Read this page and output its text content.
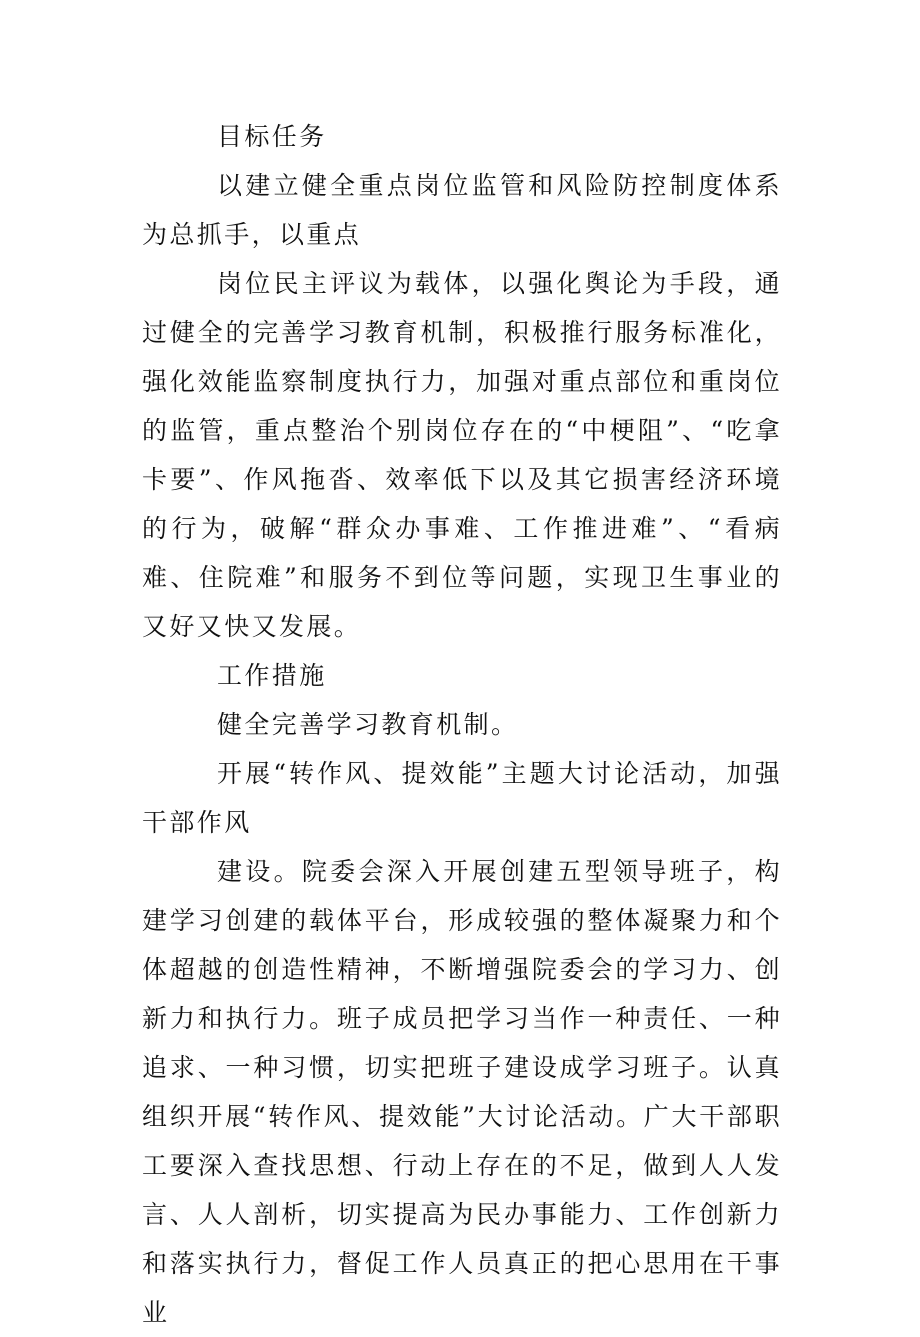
目标任务

以建立健全重点岗位监管和风险防控制度体系为总抓手，以重点

岗位民主评议为载体，以强化舆论为手段，通过健全的完善学习教育机制，积极推行服务标准化，强化效能监察制度执行力，加强对重点部位和重岗位的监管，重点整治个别岗位存在的“中梗阻”、“吃拿卡要”、作风拖沓、效率低下以及其它损害经济环境的行为，破解“群众办事难、工作推进难”、“看病难、住院难”和服务不到位等问题，实现卫生事业的又好又快又发展。

工作措施

健全完善学习教育机制。

开展“转作风、提效能”主题大讨论活动，加强干部作风

建设。院委会深入开展创建五型领导班子，构建学习创建的载体平台，形成较强的整体凝聚力和个体超越的创造性精神，不断增强院委会的学习力、创新力和执行力。班子成员把学习当作一种责任、一种追求、一种习惯，切实把班子建设成学习班子。认真组织开展“转作风、提效能”大讨论活动。广大干部职工要深入查找思想、行动上存在的不足，做到人人发言、人人剖析，切实提高为民办事能力、工作创新力和落实执行力，督促工作人员真正的把心思用在干事业
